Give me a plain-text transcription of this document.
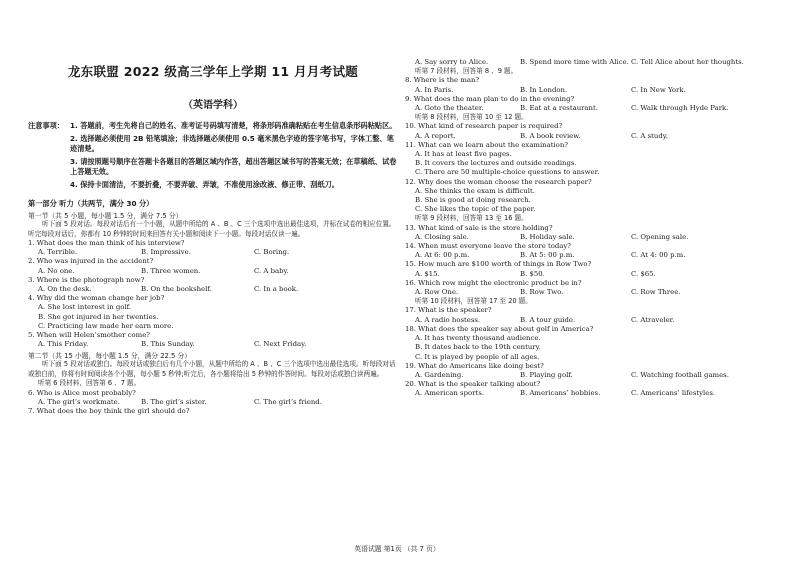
龙东联盟 2022 级高三学年上学期 11 月月考试题
（英语学科）
注意事项： 1. 答题前，考生先将自己的姓名、准考证号码填写清楚，将条形码准确粘贴在考生信息条形码粘贴区。
2. 选择题必须使用 2B 铅笔填涂；非选择题必须使用 0.5 毫米黑色字迹的签字笔书写，字体工整、笔迹清楚。
3. 请按照题号顺序在答题卡各题目的答题区域内作答，超出答题区域书写的答案无效；在草稿纸、试卷上答题无效。
4. 保持卡面清洁，不要折叠，不要弄破、弄皱，不准使用涂改液、修正带、刮纸刀。
第一部分 听力（共两节，满分 30 分）
第一节（共 5 小题，每小题 1.5 分，满分 7.5 分）
听下面 5 段对话。每段对话后有一个小题，从题中所给的 A 、B 、C 三个选项中选出最佳选项，并标在试卷的相应位置。听完每段对话后，你都有 10 秒钟的时间来回答有关小题和阅读下一小题。每段对话仅读一遍。
1. What does the man think of his interview?
A. Terrible.	B. Impressive.	C. Boring.
2. Who was injured in the accident?
A. No one.	B. Three women.	C. A baby.
3. Where is the photograph now?
A. On the desk.	B. On the bookshelf.	C. In a book.
4. Why did the woman change her job?
A. She lost interest in golf.
B. She got injured in her twenties.
C. Practicing law made her earn more.
5. When will Helen’smother come?
A. This Friday.	B. This Sunday.	C. Next Friday.
第二节（共 15 小题，每小题 1.5 分，满分 22.5 分）
听下面 5 段对话或独白。每段对话或独白后有几个小题，从题中所给的 A 、B 、C 三个选项中选出最佳选项。听每段对话或独白前，你将有时间阅读各个小题，每小题 5 秒钟;听完后，各小题将给出 5 秒钟的作答时间。每段对话或独白读两遍。
听第 6 段材料，回答第 6 、7 题。
6. Who is Alice most probably?
A. The girl’s workmate.	B. The girl’s sister.	C. The girl’s friend.
7. What does the boy think the girl should do?
A. Say sorry to Alice.	B. Spend more time with Alice. C. Tell Alice about her thoughts.
听第 7 段材料，回答第 8 、9 题。
8. Where is the man?
A. In Paris.	B. In London.	C. In New York.
9. What does the man plan to do in the evening?
A. Goto the theater.	B. Eat at a restaurant.	C. Walk through Hyde Park.
听第 8 段材料，回答第 10 至 12 题。
10. What kind of research paper is required?
A. A report.	B. A book review.	C. A study.
11. What can we learn about the examination?
A. It has at least five pages.
B. It covers the lectures and outside readings.
C. There are 50 multiple-choice questions to answer.
12. Why does the woman choose the research paper?
A. She thinks the exam is difficult.
B. She is good at doing research.
C. She likes the topic of the paper.
听第 9 段材料，回答第 13 至 16 题。
13. What kind of sale is the store holding?
A. Closing sale.	B. Holiday sale.	C. Opening sale.
14. When must everyone leave the store today?
A. At 6: 00 p.m.	B. At 5: 00 p.m.	C. At 4: 00 p.m.
15. How much are $100 worth of things in Row Two?
A. $15.	B. $50.	C. $65.
16. Which row might the electronic product be in?
A. Row One.	B. Row Two.	C. Row Three.
听第 10 段材料，回答第 17 至 20 题。
17. What is the speaker?
A. A radio hostess.	B. A tour guide.	C. Atraveler.
18. What does the speaker say about golf in America?
A. It has twenty thousand audience.
B. It dates back to the 19th century.
C. It is played by people of all ages.
19. What do Americans like doing best?
A. Gardening.	B. Playing golf.	C. Watching football games.
20. What is the speaker talking about?
A. American sports.	B. Americans’ hobbies.	C. Americans’ lifestyles.
英语试题 第1页 （共 7 页）
